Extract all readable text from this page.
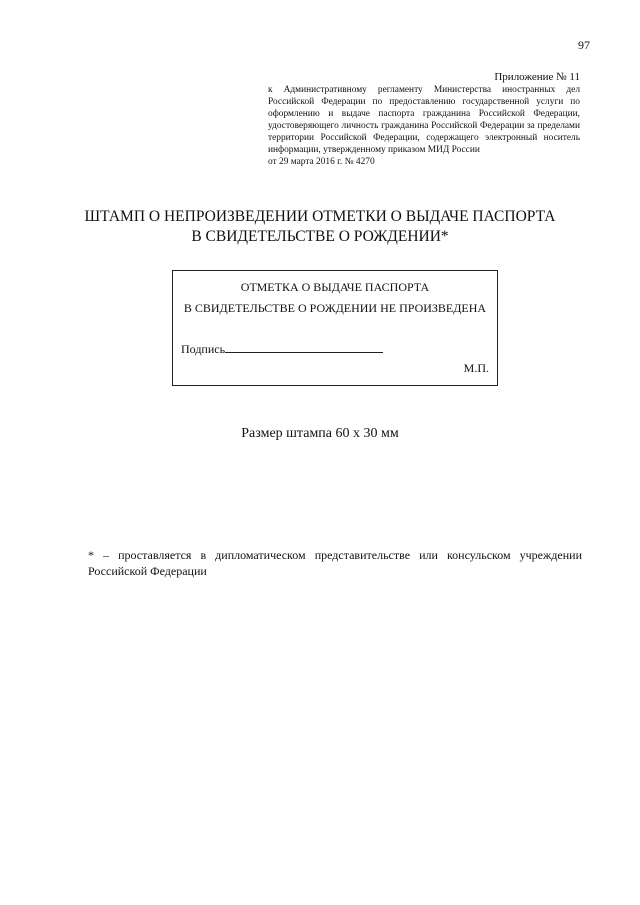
97
Приложение № 11
к Административному регламенту Министерства иностранных дел Российской Федерации по предоставлению государственной услуги по оформлению и выдаче паспорта гражданина Российской Федерации, удостоверяющего личность гражданина Российской Федерации за пределами территории Российской Федерации, содержащего электронный носитель информации, утвержденному приказом МИД России
от 29 марта 2016 г. № 4270
ШТАМП О НЕПРОИЗВЕДЕНИИ ОТМЕТКИ О ВЫДАЧЕ ПАСПОРТА
В СВИДЕТЕЛЬСТВЕ О РОЖДЕНИИ*
ОТМЕТКА О ВЫДАЧЕ ПАСПОРТА
В СВИДЕТЕЛЬСТВЕ О РОЖДЕНИИ НЕ ПРОИЗВЕДЕНА
Подпись
М.П.
Размер штампа 60 х 30 мм
* – проставляется в дипломатическом представительстве или консульском учреждении Российской Федерации
